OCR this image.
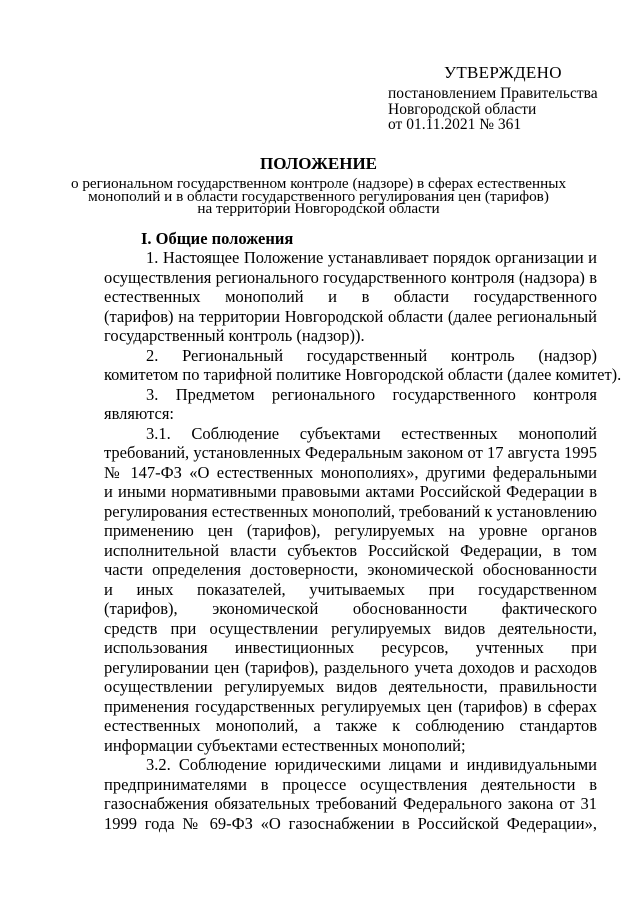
УТВЕРЖДЕНО
постановлением Правительства
Новгородской области
от 01.11.2021 № 361
ПОЛОЖЕНИЕ
о региональном государственном контроле (надзоре) в сферах естественных
монополий и в области государственного регулирования цен (тарифов)
на территории Новгородской области
I. Общие положения
1. Настоящее Положение устанавливает порядок организации и
осуществления регионального государственного контроля (надзора) в
естественных монополий и в области государственного
(тарифов) на территории Новгородской области (далее региональный
государственный контроль (надзор)).
2. Региональный государственный контроль (надзор)
комитетом по тарифной политике Новгородской области (далее комитет).
3. Предметом регионального государственного контроля
являются:
3.1. Соблюдение субъектами естественных монополий
требований, установленных Федеральным законом от 17 августа 1995
№ 147-ФЗ «О естественных монополиях», другими федеральными
и иными нормативными правовыми актами Российской Федерации в
регулирования естественных монополий, требований к установлению
применению цен (тарифов), регулируемых на уровне органов
исполнительной власти субъектов Российской Федерации, в том
части определения достоверности, экономической обоснованности
и иных показателей, учитываемых при государственном
(тарифов), экономической обоснованности фактического
средств при осуществлении регулируемых видов деятельности,
использования инвестиционных ресурсов, учтенных при
регулировании цен (тарифов), раздельного учета доходов и расходов
осуществлении регулируемых видов деятельности, правильности
применения государственных регулируемых цен (тарифов) в сферах
естественных монополий, а также к соблюдению стандартов
информации субъектами естественных монополий;
3.2. Соблюдение юридическими лицами и индивидуальными
предпринимателями в процессе осуществления деятельности в
газоснабжения обязательных требований Федерального закона от 31
1999 года № 69-ФЗ «О газоснабжении в Российской Федерации»,
